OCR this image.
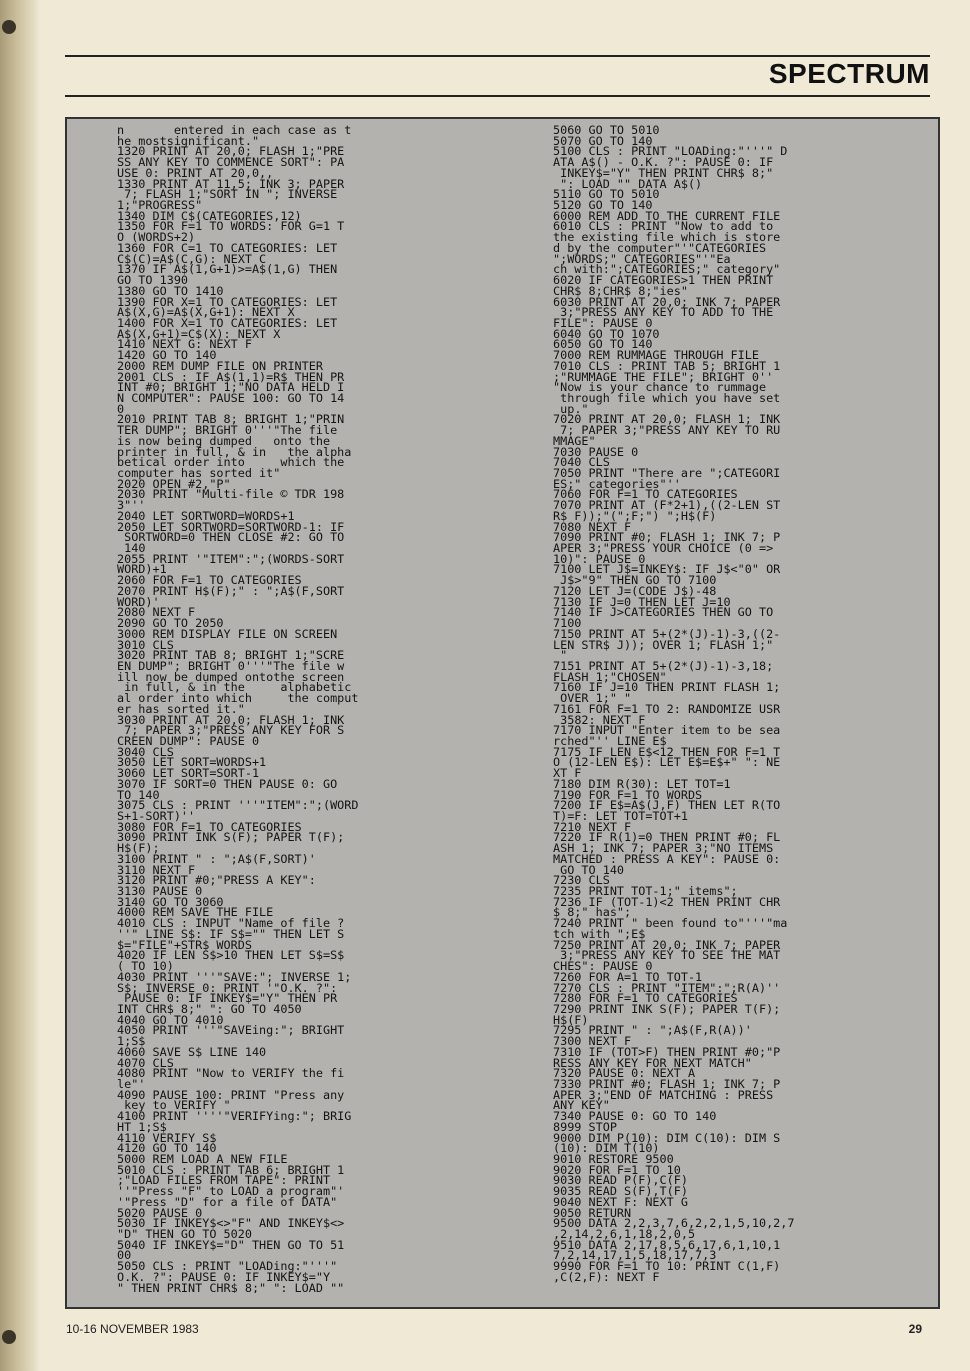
SPECTRUM
n       entered in each case as t
he mostsignificant."
1320 PRINT AT 20,0; FLASH 1;"PRE
SS ANY KEY TO COMMENCE SORT": PA
USE 0: PRINT AT 20,0,,
1330 PRINT AT 11,5; INK 3; PAPER
7; FLASH 1;"SORT IN "; INVERSE
1;"PROGRESS"
1340 DIM C$(CATEGORIES,12)
1350 FOR F=1 TO WORDS: FOR G=1 T
O (WORDS+2)
1360 FOR C=1 TO CATEGORIES: LET
C$(C)=A$(C,G): NEXT C
1370 IF A$(1,G+1)>=A$(1,G) THEN
GO TO 1390
1380 GO TO 1410
1390 FOR X=1 TO CATEGORIES: LET
A$(X,G)=A$(X,G+1): NEXT X
1400 FOR X=1 TO CATEGORIES: LET
A$(X,G+1)=C$(X): NEXT X
1410 NEXT G: NEXT F
1420 GO TO 140
2000 REM DUMP FILE ON PRINTER
2001 CLS : IF A$(1,1)=R$ THEN PR
INT #0; BRIGHT 1;"NO DATA HELD I
N COMPUTER": PAUSE 100: GO TO 14
0
2010 PRINT TAB 8; BRIGHT 1;"PRIN
TER DUMP"; BRIGHT 0'''"The file
is now being dumped   onto the
printer in full, & in   the alpha
betical order into     which the
computer has sorted it"
2020 OPEN #2,"P"
2030 PRINT "Multi-file © TDR 198
3"''
2040 LET SORTWORD=WORDS+1
2050 LET SORTWORD=SORTWORD-1: IF
SORTWORD=0 THEN CLOSE #2: GO TO
140
2055 PRINT '"ITEM":";(WORDS-SORT
WORD)+1
2060 FOR F=1 TO CATEGORIES
2070 PRINT H$(F);" : ";A$(F,SORT
WORD)'
2080 NEXT F
2090 GO TO 2050
3000 REM DISPLAY FILE ON SCREEN
3010 CLS
3020 PRINT TAB 8; BRIGHT 1;"SCRE
EN DUMP"; BRIGHT 0'''"The file w
ill now be dumped ontothe screen
in full, & in the     alphabetic
al order into which     the comput
er has sorted it."
3030 PRINT AT 20,0; FLASH 1; INK
7; PAPER 3;"PRESS ANY KEY FOR S
CREEN DUMP": PAUSE 0
3040 CLS
3050 LET SORT=WORDS+1
3060 LET SORT=SORT-1
3070 IF SORT=0 THEN PAUSE 0: GO
TO 140
3075 CLS : PRINT '''"ITEM":";(WORD
S+1-SORT)''
3080 FOR F=1 TO CATEGORIES
3090 PRINT INK S(F); PAPER T(F);
H$(F);
3100 PRINT " : ";A$(F,SORT)'
3110 NEXT F
3120 PRINT #0;"PRESS A KEY":
3130 PAUSE 0
3140 GO TO 3060
4000 REM SAVE THE FILE
4010 CLS : INPUT "Name of file ?
''" LINE S$: IF S$="" THEN LET S
$="FILE"+STR$ WORDS
4020 IF LEN S$>10 THEN LET S$=S$
( TO 10)
4030 PRINT '''"SAVE:"; INVERSE 1;
S$; INVERSE 0: PRINT '"O.K. ?":
PAUSE 0: IF INKEY$="Y" THEN PR
INT CHR$ 8;" ": GO TO 4050
4040 GO TO 4010
4050 PRINT '''"SAVEing:"; BRIGHT
1;S$
4060 SAVE S$ LINE 140
4070 CLS
4080 PRINT "Now to VERIFY the fi
le"'
4090 PAUSE 100: PRINT "Press any
key to VERIFY "
4100 PRINT ''''"VERIFYing:"; BRIG
HT 1;S$
4110 VERIFY S$
4120 GO TO 140
5000 REM LOAD A NEW FILE
5010 CLS : PRINT TAB 6; BRIGHT 1
;"LOAD FILES FROM TAPE": PRINT
''"Press "F" to LOAD a program"'
'"Press "D" for a file of DATA"
5020 PAUSE 0
5030 IF INKEY$<>"F" AND INKEY$<>
"D" THEN GO TO 5020
5040 IF INKEY$="D" THEN GO TO 51
00
5050 CLS : PRINT "LOADing:"'''"
O.K. ?": PAUSE 0: IF INKEY$="Y
" THEN PRINT CHR$ 8;" ": LOAD ""
5060 GO TO 5010
5070 GO TO 140
5100 CLS : PRINT "LOADing:"'''" D
ATA A$() - O.K. ?": PAUSE 0: IF
INKEY$="Y" THEN PRINT CHR$ 8;"
": LOAD "" DATA A$()
5110 GO TO 5010
5120 GO TO 140
6000 REM ADD TO THE CURRENT FILE
6010 CLS : PRINT "Now to add to
the existing file which is store
d by the computer"'"CATEGORIES
";WORDS;" CATEGORIES"'"Ea
ch with:";CATEGORIES;" category"
6020 IF CATEGORIES>1 THEN PRINT
CHR$ 8;CHR$ 8;"ies"
6030 PRINT AT 20,0; INK 7; PAPER
3;"PRESS ANY KEY TO ADD TO THE
FILE": PAUSE 0
6040 GO TO 1070
6050 GO TO 140
7000 REM RUMMAGE THROUGH FILE
7010 CLS : PRINT TAB 5; BRIGHT 1
;"RUMMAGE THE FILE"; BRIGHT 0''
"Now is your chance to rummage
through file which you have set
up."
7020 PRINT AT 20,0; FLASH 1; INK
7; PAPER 3;"PRESS ANY KEY TO RU
MMAGE"
7030 PAUSE 0
7040 CLS
7050 PRINT "There are ";CATEGORI
ES;" categories"''
7060 FOR F=1 TO CATEGORIES
7070 PRINT AT (F*2+1),((2-LEN ST
R$ F));"(";F;") ";H$(F)
7080 NEXT F
7090 PRINT #0; FLASH 1; INK 7; P
APER 3;"PRESS YOUR CHOICE (0 =>
10)": PAUSE 0
7100 LET J$=INKEY$: IF J$<"0" OR
J$>"9" THEN GO TO 7100
7120 LET J=(CODE J$)-48
7130 IF J=0 THEN LET J=10
7140 IF J>CATEGORIES THEN GO TO
7100
7150 PRINT AT 5+(2*(J)-1)-3,((2-
LEN STR$ J)); OVER 1; FLASH 1;"
"
7151 PRINT AT 5+(2*(J)-1)-3,18;
FLASH 1;"CHOSEN"
7160 IF J=10 THEN PRINT FLASH 1;
OVER 1;" "
7161 FOR F=1 TO 2: RANDOMIZE USR
3582: NEXT F
7170 INPUT "Enter item to be sea
rched"'' LINE E$
7175 IF LEN E$<12 THEN FOR F=1 T
O (12-LEN E$): LET E$=E$+" ": NE
XT F
7180 DIM R(30): LET TOT=1
7190 FOR F=1 TO WORDS
7200 IF E$=A$(J,F) THEN LET R(TO
T)=F: LET TOT=TOT+1
7210 NEXT F
7220 IF R(1)=0 THEN PRINT #0; FL
ASH 1; INK 7; PAPER 3;"NO ITEMS
MATCHED : PRESS A KEY": PAUSE 0:
GO TO 140
7230 CLS
7235 PRINT TOT-1;" items";
7236 IF (TOT-1)<2 THEN PRINT CHR
$ 8;" has";
7240 PRINT " been found to"'''"ma
tch with ";E$
7250 PRINT AT 20,0; INK 7; PAPER
3;"PRESS ANY KEY TO SEE THE MAT
CHES": PAUSE 0
7260 FOR A=1 TO TOT-1
7270 CLS : PRINT "ITEM":";R(A)''
7280 FOR F=1 TO CATEGORIES
7290 PRINT INK S(F); PAPER T(F);
H$(F)
7295 PRINT " : ";A$(F,R(A))'
7300 NEXT F
7310 IF (TOT>F) THEN PRINT #0;"P
RESS ANY KEY FOR NEXT MATCH"
7320 PAUSE 0: NEXT A
7330 PRINT #0; FLASH 1; INK 7; P
APER 3;"END OF MATCHING : PRESS
ANY KEY"
7340 PAUSE 0: GO TO 140
8999 STOP
9000 DIM P(10): DIM C(10): DIM S
(10): DIM T(10)
9010 RESTORE 9500
9020 FOR F=1 TO 10
9030 READ P(F),C(F)
9035 READ S(F),T(F)
9040 NEXT F: NEXT G
9050 RETURN
9500 DATA 2,2,3,7,6,2,2,1,5,10,2,7
,2,14,2,6,1,18,2,0,5
9510 DATA 2,17,8,5,6,17,6,1,10,1
7,2,14,17,1,5,18,17,7,3
9990 FOR F=1 TO 10: PRINT C(1,F)
,C(2,F): NEXT F
10-16 NOVEMBER 1983	29
